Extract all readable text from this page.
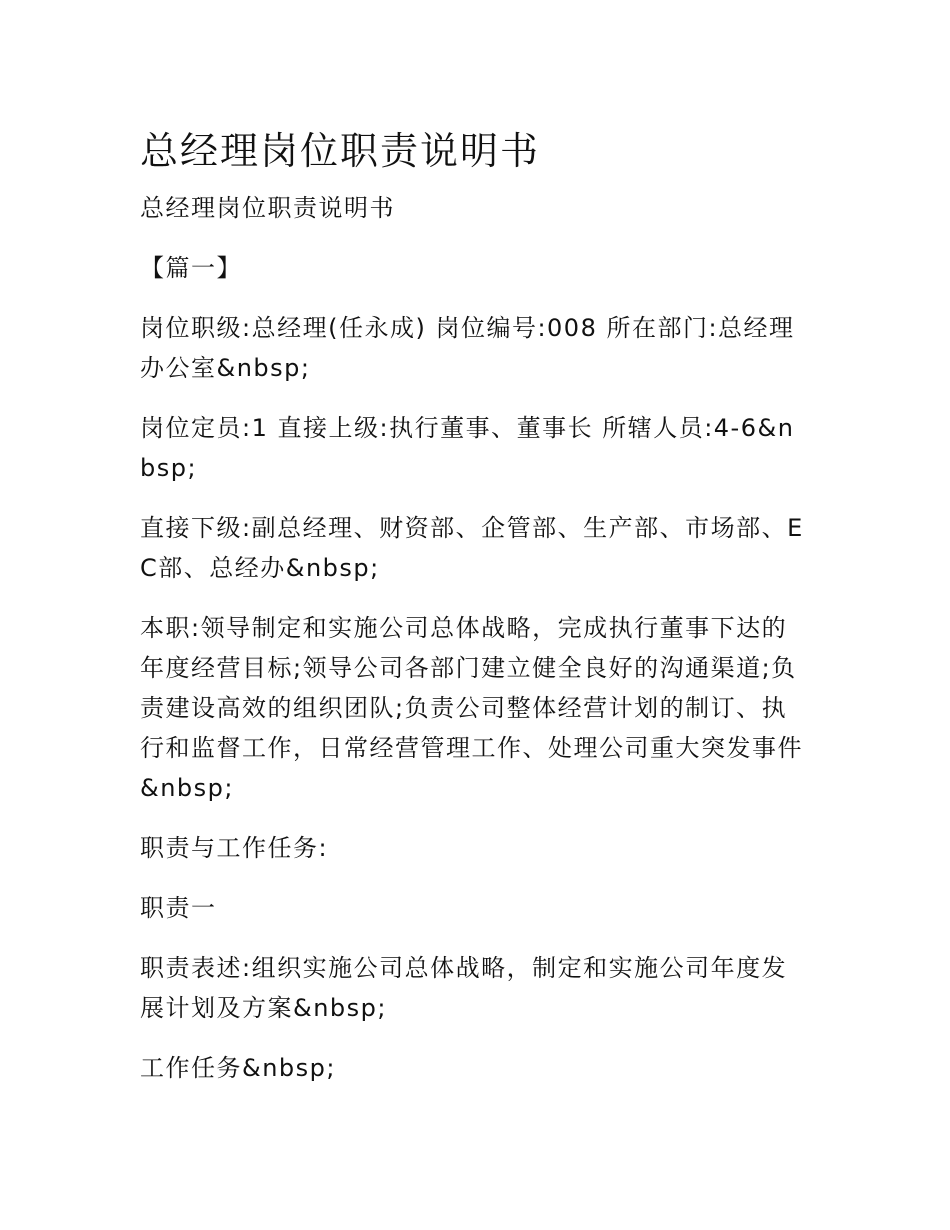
总经理岗位职责说明书

总经理岗位职责说明书

【篇一】

岗位职级:总经理(任永成) 岗位编号:008 所在部门:总经理办公室&nbsp;

岗位定员:1 直接上级:执行董事、董事长 所辖人员:4-6&nbsp;

直接下级:副总经理、财资部、企管部、生产部、市场部、EC部、总经办&nbsp;

本职:领导制定和实施公司总体战略，完成执行董事下达的年度经营目标;领导公司各部门建立健全良好的沟通渠道;负责建设高效的组织团队;负责公司整体经营计划的制订、执行和监督工作，日常经营管理工作、处理公司重大突发事件&nbsp;

职责与工作任务:

职责一

职责表述:组织实施公司总体战略，制定和实施公司年度发展计划及方案&nbsp;

工作任务&nbsp;
